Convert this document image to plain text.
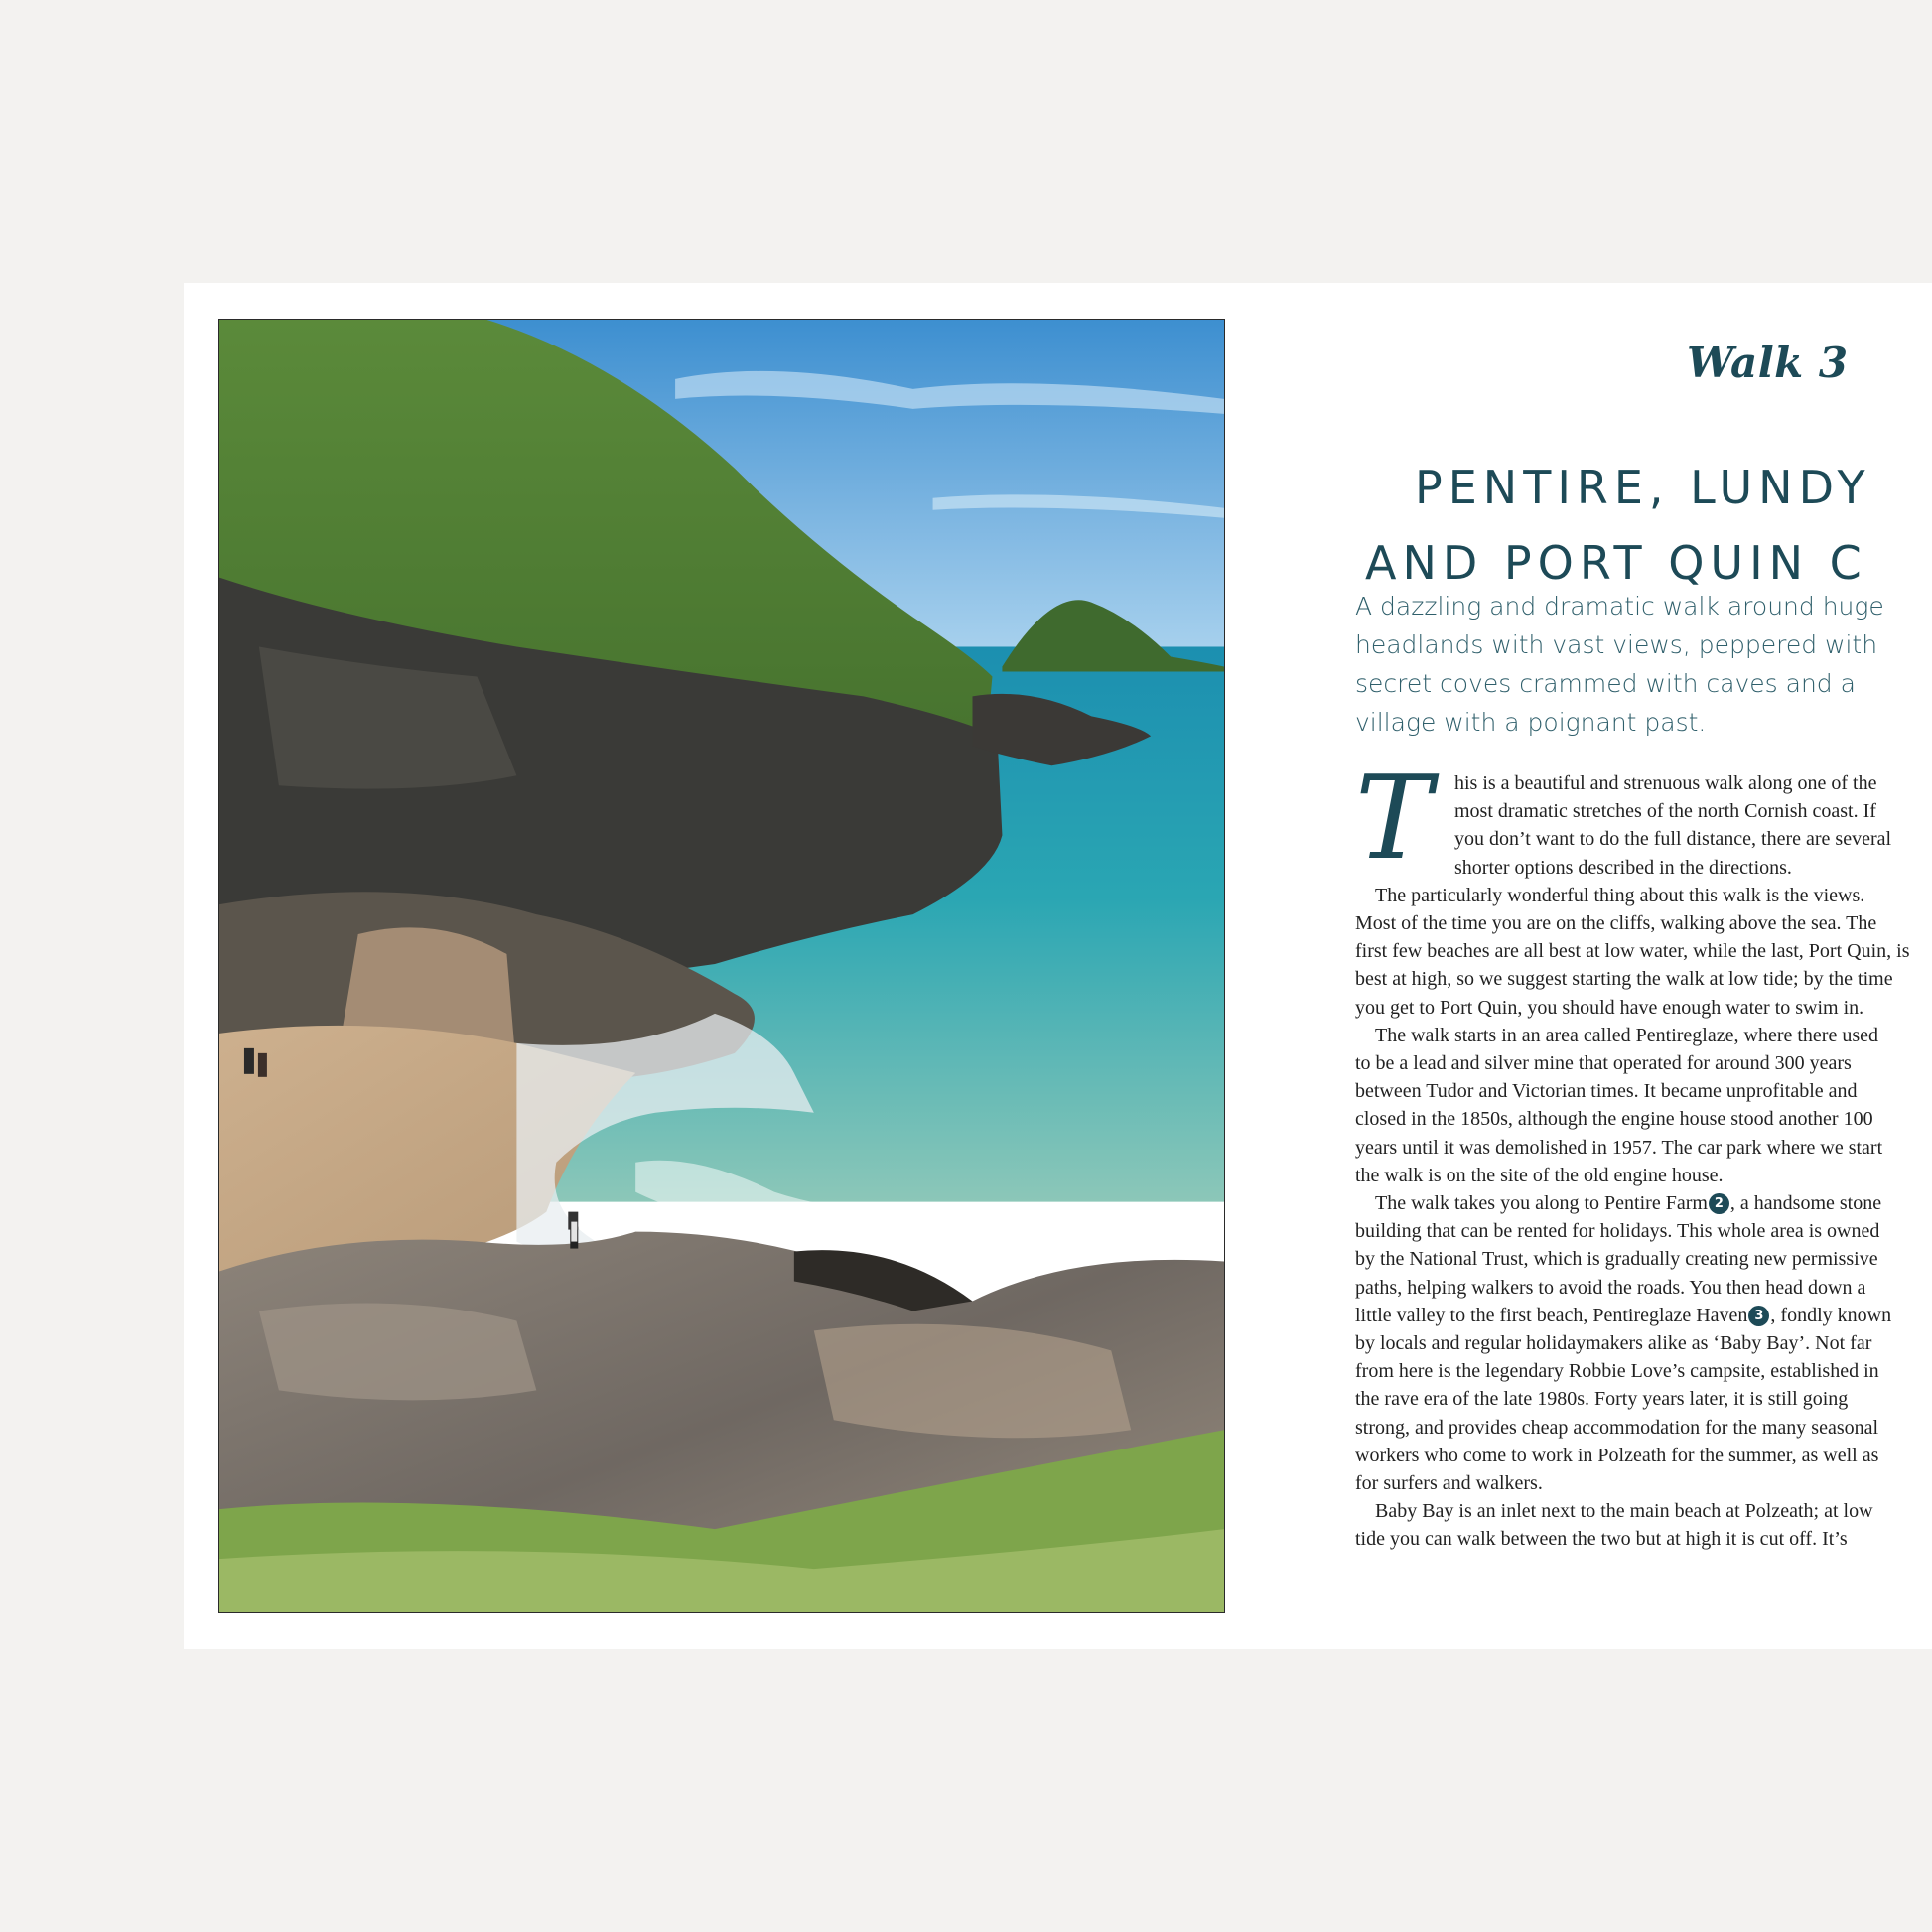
Walk 3
PENTIRE, LUNDY
AND PORT QUIN C
A dazzling and dramatic walk around huge
headlands with vast views, peppered with
secret coves crammed with caves and a
village with a poignant past.
T	his is a beautiful and strenuous walk along one of the
most dramatic stretches of the north Cornish coast. If
you don’t want to do the full distance, there are several
shorter options described in the directions.
The particularly wonderful thing about this walk is the views.
Most of the time you are on the cliffs, walking above the sea. The
first few beaches are all best at low water, while the last, Port Quin, is
best at high, so we suggest starting the walk at low tide; by the time
you get to Port Quin, you should have enough water to swim in.
The walk starts in an area called Pentireglaze, where there used
to be a lead and silver mine that operated for around 300 years
between Tudor and Victorian times. It became unprofitable and
closed in the 1850s, although the engine house stood another 100
years until it was demolished in 1957. The car park where we start
the walk is on the site of the old engine house.
The walk takes you along to Pentire Farm 2 , a handsome stone
building that can be rented for holidays. This whole area is owned
by the National Trust, which is gradually creating new permissive
paths, helping walkers to avoid the roads. You then head down a
little valley to the first beach, Pentireglaze Haven 3 , fondly known
by locals and regular holidaymakers alike as ‘Baby Bay’. Not far
from here is the legendary Robbie Love’s campsite, established in
the rave era of the late 1980s. Forty years later, it is still going
strong, and provides cheap accommodation for the many seasonal
workers who come to work in Polzeath for the summer, as well as
for surfers and walkers.
Baby Bay is an inlet next to the main beach at Polzeath; at low
tide you can walk between the two but at high it is cut off. It’s
